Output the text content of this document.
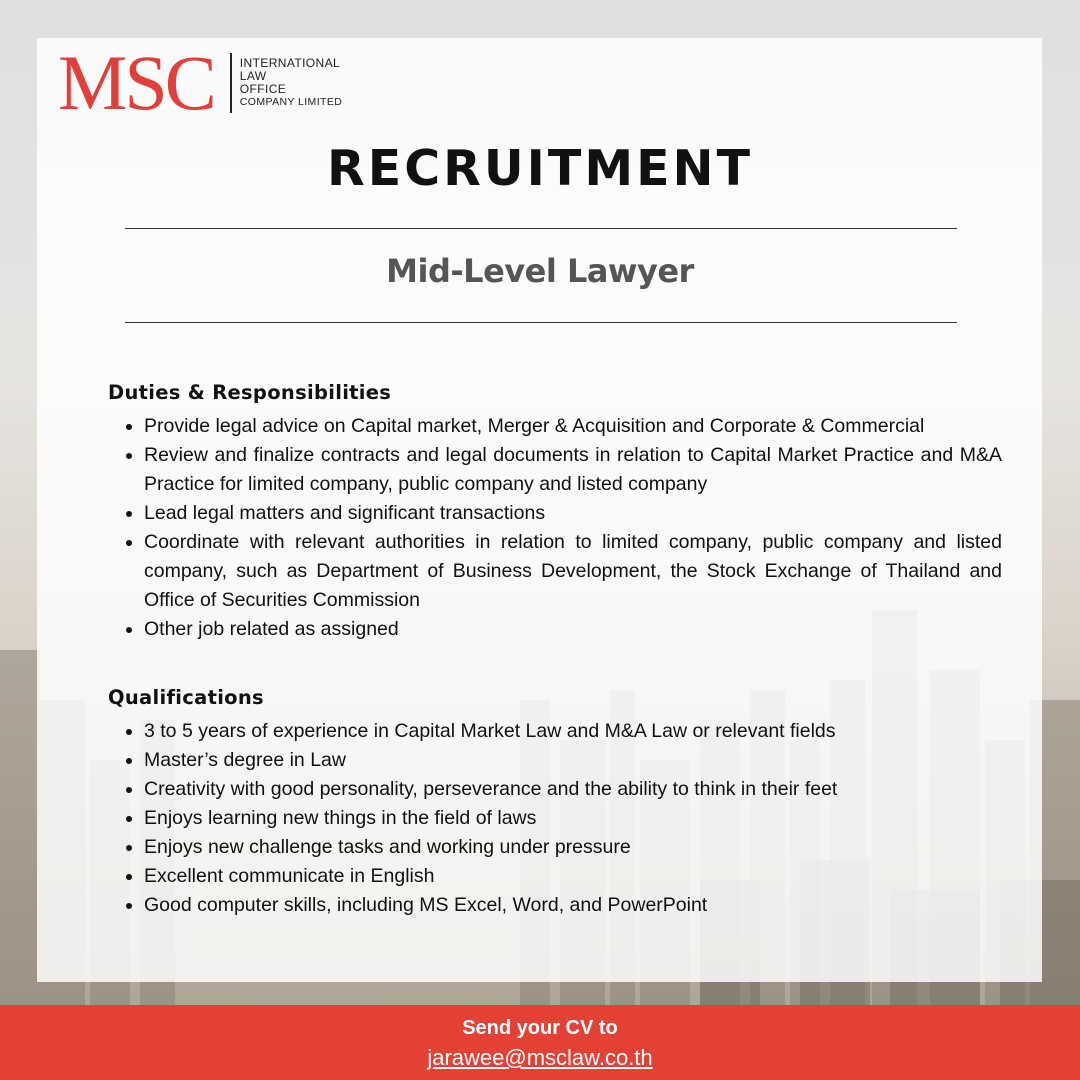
MSC INTERNATIONAL
LAW
OFFICE
COMPANY LIMITED
RECRUITMENT
Mid-Level Lawyer
Duties & Responsibilities
• Provide legal advice on Capital market, Merger & Acquisition and Corporate & Commercial
• Review and finalize contracts and legal documents in relation to Capital Market Practice and M&A Practice for limited company, public company and listed company
• Lead legal matters and significant transactions
• Coordinate with relevant authorities in relation to limited company, public company and listed company, such as Department of Business Development, the Stock Exchange of Thailand and Office of Securities Commission
• Other job related as assigned
Qualifications
• 3 to 5 years of experience in Capital Market Law and M&A Law or relevant fields
• Master’s degree in Law
• Creativity with good personality, perseverance and the ability to think in their feet
• Enjoys learning new things in the field of laws
• Enjoys new challenge tasks and working under pressure
• Excellent communicate in English
• Good computer skills, including MS Excel, Word, and PowerPoint
Send your CV to
jarawee@msclaw.co.th
